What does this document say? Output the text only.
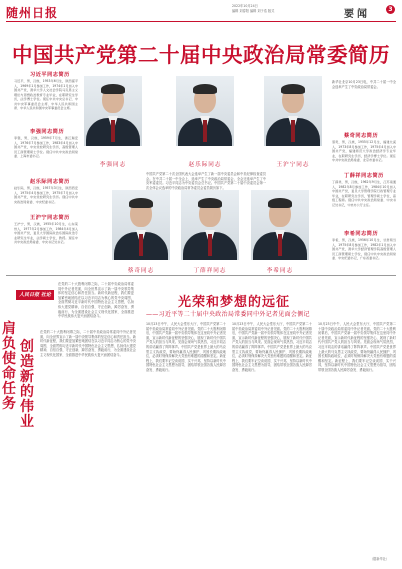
随州日报	2022年10月24日
编辑 刘春阳 编辑 刘子浩 版式	要闻	3
中国共产党第二十届中央政治局常委简历
习近平同志简历
习近平，男，汉族，1953年6月生，陕西富平人，1969年1月参加工作，1974年1月加入中国共产党，清华大学人文社会学院马克思主义理论与思想政治教育专业毕业，在职研究生学历，法学博士学位。现任中共中央总书记、中共中央军事委员会主席、中华人民共和国主席、中华人民共和国中央军事委员会主席。
李强同志简历
李强，男，汉族，1959年7月生，浙江瑞安人，1976年7月参加工作，1983年4月加入中国共产党，中央党校研究生学历，高级管理人员工商管理硕士学位。现任中共中央政治局常委、上海市委书记。
赵乐际同志简历
赵乐际，男，汉族，1957年3月生，陕西西安人，1975年4月参加工作，1975年7月加入中国共产党，中央党校研究生学历。现任中共中央政治局常委、中央纪委书记。
王沪宁同志简历
王沪宁，男，汉族，1955年10月生，山东莱州人，1977年2月参加工作，1984年4月加入中国共产党，复旦大学国际政治系国际政治专业研究生毕业，法学硕士学位，教授。现任中共中央政治局常委、中央书记处书记。
李强同志	赵乐际同志	王沪宁同志
中国共产党第二十次全国代表大会选举产生了新一届中央委员会和中央纪律检查委员会。在中共二十届一中全会上，选举产生了中央政治局常委会，全会还选举产生了中央军委委员。习近平同志为中央委员会总书记。中国共产党第二十届中央委员会第一次全体会议选举的中央政治局常务委员会委员简历如下。
蔡奇同志	丁薛祥同志	李希同志
新华社北京10月23日电，中共二十届一中全会选举产生了中央政治局常委会。
蔡奇同志简历
蔡奇，男，汉族，1955年12月生，福建尤溪人，1973年8月参加工作，1975年4月加入中国共产党，福建师范大学政治经济学专业毕业，在职研究生学历，经济学博士学位。现任中共中央政治局常委、北京市委书记。
丁薛祥同志简历
丁薛祥，男，汉族，1962年9月生，江苏南通人，1982年8月参加工作，1984年10月加入中国共产党，复旦大学管理学院行政管理专业毕业，在职研究生学历，管理学硕士学位，高级工程师。现任中共中央政治局常委、中央书记处书记，中央办公厅主任。
李希同志简历
李希，男，汉族，1956年10月生，甘肃两当人，1975年8月参加工作，1982年1月加入中国共产党，清华大学经济管理学院高级管理人员工商管理硕士学位，现任中共中央政治局常委、中央纪委书记，广东省委书记。
人民日报 社论
在党的二十大胜利闭幕之际，二十届中央政治局常委同中外记者见面，向全世界宣示了新一届中央领导集体的坚定信心和责任担当。新时代新征程，我们要更加紧密地团结在以习近平同志为核心的党中央周围，全面贯彻习近平新时代中国特色社会主义思想，弘扬伟大建党精神，自信自强、守正创新，踔厉奋发、勇毅前行，为全面建设社会主义现代化国家、全面推进中华民族伟大复兴而团结奋斗。
肩负使命任务
创造新的伟业
在党的二十大胜利闭幕之际，二十届中央政治局常委同中外记者见面，向全世界宣示了新一届中央领导集体的坚定信心和责任担当。新时代新征程，我们要更加紧密地团结在以习近平同志为核心的党中央周围，全面贯彻习近平新时代中国特色社会主义思想，弘扬伟大建党精神，自信自强、守正创新，踔厉奋发、勇毅前行，为全面建设社会主义现代化国家、全面推进中华民族伟大复兴而团结奋斗。
光荣和梦想的远征
——习近平等二十届中央政治局常委同中外记者见面会侧记
10月23日中午，人民大会堂东大厅，中国共产党第二十届中央政治局常委同中外记者见面。党的二十大胜利闭幕后，中国共产党新一届中央领导集体在这里同中外记者见面，宣示新时代新征程的坚强决心，展现了新时代中国共产党人的担当与风采。见面会现场气氛热烈，习近平同志的讲话赢得了阵阵掌声。中国共产党是世界上最大的马克思主义执政党，要始终赢得人民拥护、巩固长期执政地位，必须时刻保持解决大党独有难题的清醒和坚定。新征程上，我们要牢记空谈误国、实干兴邦，坚持以新时代中国特色社会主义思想为指导，团结带领全国各族人民踔厉奋发、勇毅前行。
10月23日中午，人民大会堂东大厅，中国共产党第二十届中央政治局常委同中外记者见面。党的二十大胜利闭幕后，中国共产党新一届中央领导集体在这里同中外记者见面，宣示新时代新征程的坚强决心，展现了新时代中国共产党人的担当与风采。见面会现场气氛热烈，习近平同志的讲话赢得了阵阵掌声。中国共产党是世界上最大的马克思主义执政党，要始终赢得人民拥护、巩固长期执政地位，必须时刻保持解决大党独有难题的清醒和坚定。新征程上，我们要牢记空谈误国、实干兴邦，坚持以新时代中国特色社会主义思想为指导，团结带领全国各族人民踔厉奋发、勇毅前行。
10月23日中午，人民大会堂东大厅，中国共产党第二十届中央政治局常委同中外记者见面。党的二十大胜利闭幕后，中国共产党新一届中央领导集体在这里同中外记者见面，宣示新时代新征程的坚强决心，展现了新时代中国共产党人的担当与风采。见面会现场气氛热烈，习近平同志的讲话赢得了阵阵掌声。中国共产党是世界上最大的马克思主义执政党，要始终赢得人民拥护、巩固长期执政地位，必须时刻保持解决大党独有难题的清醒和坚定。新征程上，我们要牢记空谈误国、实干兴邦，坚持以新时代中国特色社会主义思想为指导，团结带领全国各族人民踔厉奋发、勇毅前行。
（据新华社）
